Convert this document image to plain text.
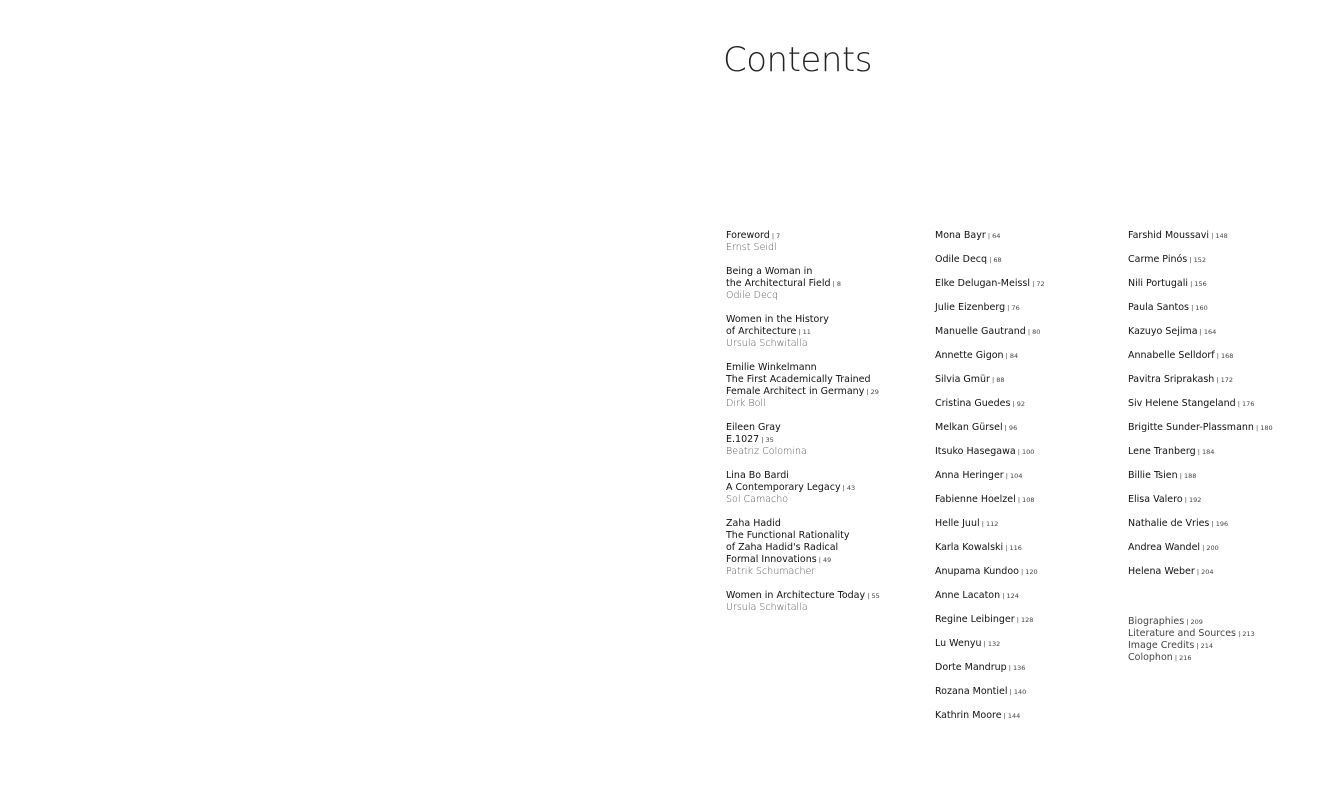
Contents
Foreword | 7
Ernst Seidl
Being a Woman in
the Architectural Field | 8
Odile Decq
Women in the History
of Architecture | 11
Ursula Schwitalla
Emilie Winkelmann
The First Academically Trained
Female Architect in Germany | 29
Dirk Boll
Eileen Gray
E.1027 | 35
Beatriz Colomina
Lina Bo Bardi
A Contemporary Legacy | 43
Sol Camacho
Zaha Hadid
The Functional Rationality
of Zaha Hadid's Radical
Formal Innovations | 49
Patrik Schumacher
Women in Architecture Today | 55
Ursula Schwitalla
Mona Bayr | 64
Odile Decq | 68
Elke Delugan-Meissl | 72
Julie Eizenberg | 76
Manuelle Gautrand | 80
Annette Gigon | 84
Silvia Gmür | 88
Cristina Guedes | 92
Melkan Gürsel | 96
Itsuko Hasegawa | 100
Anna Heringer | 104
Fabienne Hoelzel | 108
Helle Juul | 112
Karla Kowalski | 116
Anupama Kundoo | 120
Anne Lacaton | 124
Regine Leibinger | 128
Lu Wenyu | 132
Dorte Mandrup | 136
Rozana Montiel | 140
Kathrin Moore | 144
Farshid Moussavi | 148
Carme Pinós | 152
Nili Portugali | 156
Paula Santos | 160
Kazuyo Sejima | 164
Annabelle Selldorf | 168
Pavitra Sriprakash | 172
Siv Helene Stangeland | 176
Brigitte Sunder-Plassmann | 180
Lene Tranberg | 184
Billie Tsien | 188
Elisa Valero | 192
Nathalie de Vries | 196
Andrea Wandel | 200
Helena Weber | 204
Biographies | 209
Literature and Sources | 213
Image Credits | 214
Colophon | 216
